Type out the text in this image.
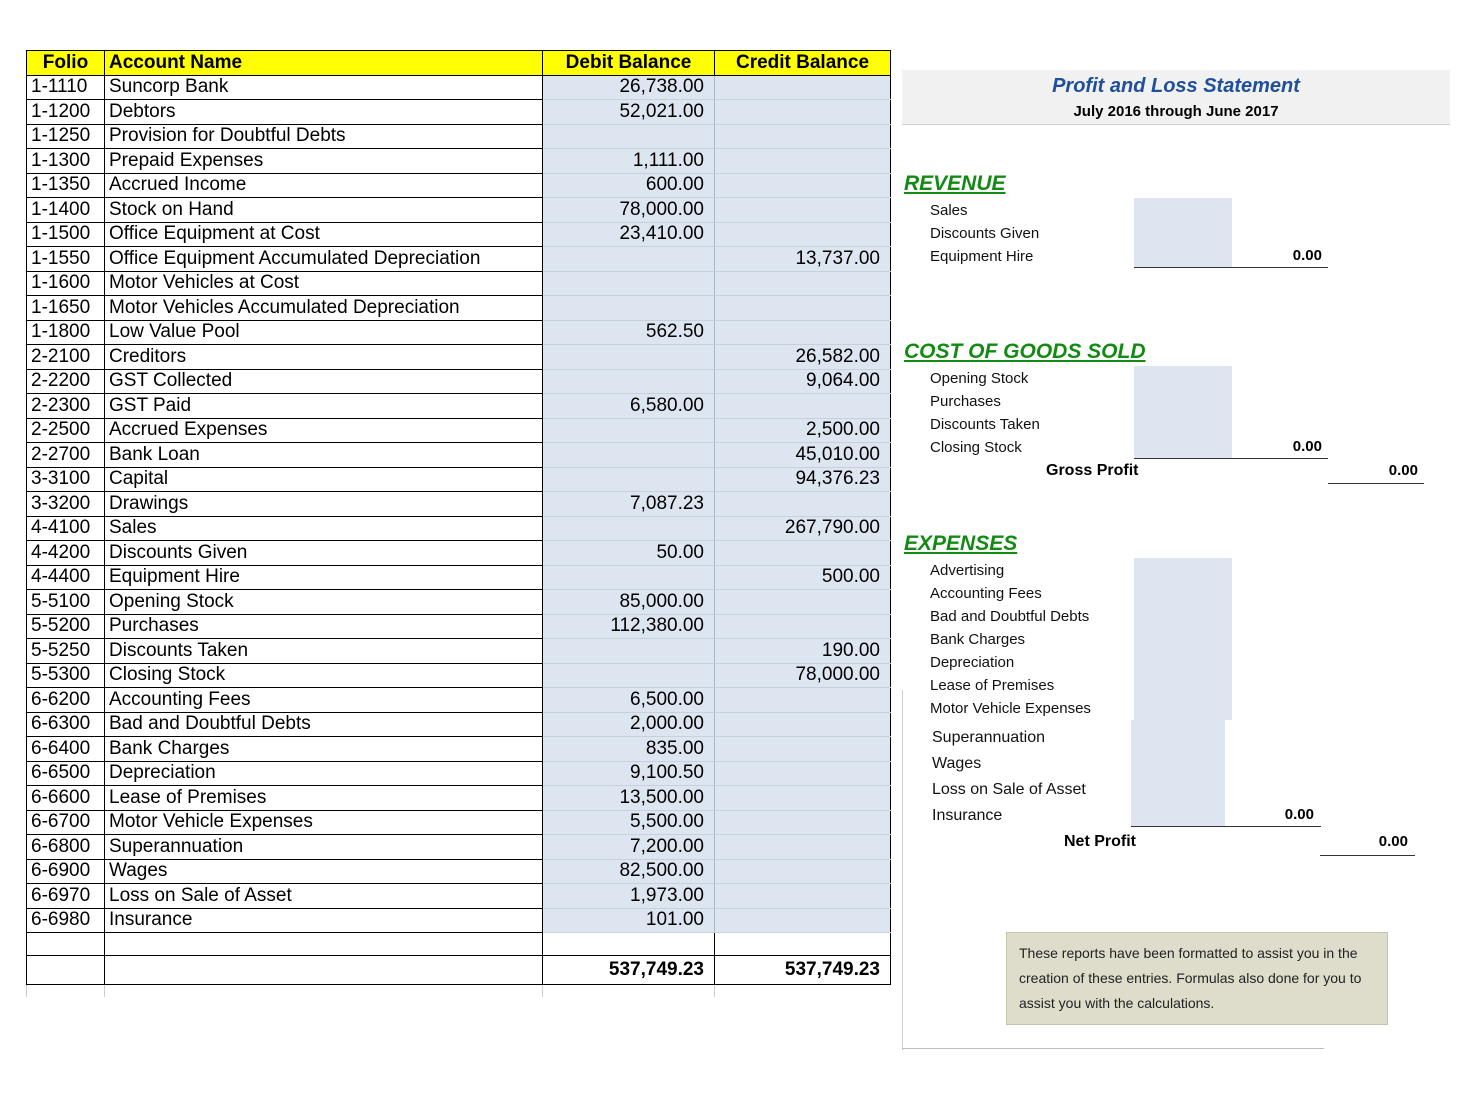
Folio	Account Name	Debit Balance	Credit Balance
1-1110	Suncorp Bank	26,738.00	
1-1200	Debtors	52,021.00	
1-1250	Provision for Doubtful Debts		
1-1300	Prepaid Expenses	1,111.00	
1-1350	Accrued Income	600.00	
1-1400	Stock on Hand	78,000.00	
1-1500	Office Equipment at Cost	23,410.00	
1-1550	Office Equipment Accumulated Depreciation		13,737.00
1-1600	Motor Vehicles at Cost		
1-1650	Motor Vehicles Accumulated Depreciation		
1-1800	Low Value Pool	562.50	
2-2100	Creditors		26,582.00
2-2200	GST Collected		9,064.00
2-2300	GST Paid	6,580.00	
2-2500	Accrued Expenses		2,500.00
2-2700	Bank Loan		45,010.00
3-3100	Capital		94,376.23
3-3200	Drawings	7,087.23	
4-4100	Sales		267,790.00
4-4200	Discounts Given	50.00	
4-4400	Equipment Hire		500.00
5-5100	Opening Stock	85,000.00	
5-5200	Purchases	112,380.00	
5-5250	Discounts Taken		190.00
5-5300	Closing Stock		78,000.00
6-6200	Accounting Fees	6,500.00	
6-6300	Bad and Doubtful Debts	2,000.00	
6-6400	Bank Charges	835.00	
6-6500	Depreciation	9,100.50	
6-6600	Lease of Premises	13,500.00	
6-6700	Motor Vehicle Expenses	5,500.00	
6-6800	Superannuation	7,200.00	
6-6900	Wages	82,500.00	
6-6970	Loss on Sale of Asset	1,973.00	
6-6980	Insurance	101.00	

		537,749.23	537,749.23

Profit and Loss Statement
July 2016 through June 2017
REVENUE
Sales
Discounts Given
Equipment Hire	0.00
COST OF GOODS SOLD
Opening Stock
Purchases
Discounts Taken
Closing Stock	0.00
Gross Profit	0.00
EXPENSES
Advertising
Accounting Fees
Bad and Doubtful Debts
Bank Charges
Depreciation
Lease of Premises
Motor Vehicle Expenses
Superannuation
Wages
Loss on Sale of Asset
Insurance	0.00
Net Profit	0.00
These reports have been formatted to assist you in the
creation of these entries. Formulas also done for you to
assist you with the calculations.
